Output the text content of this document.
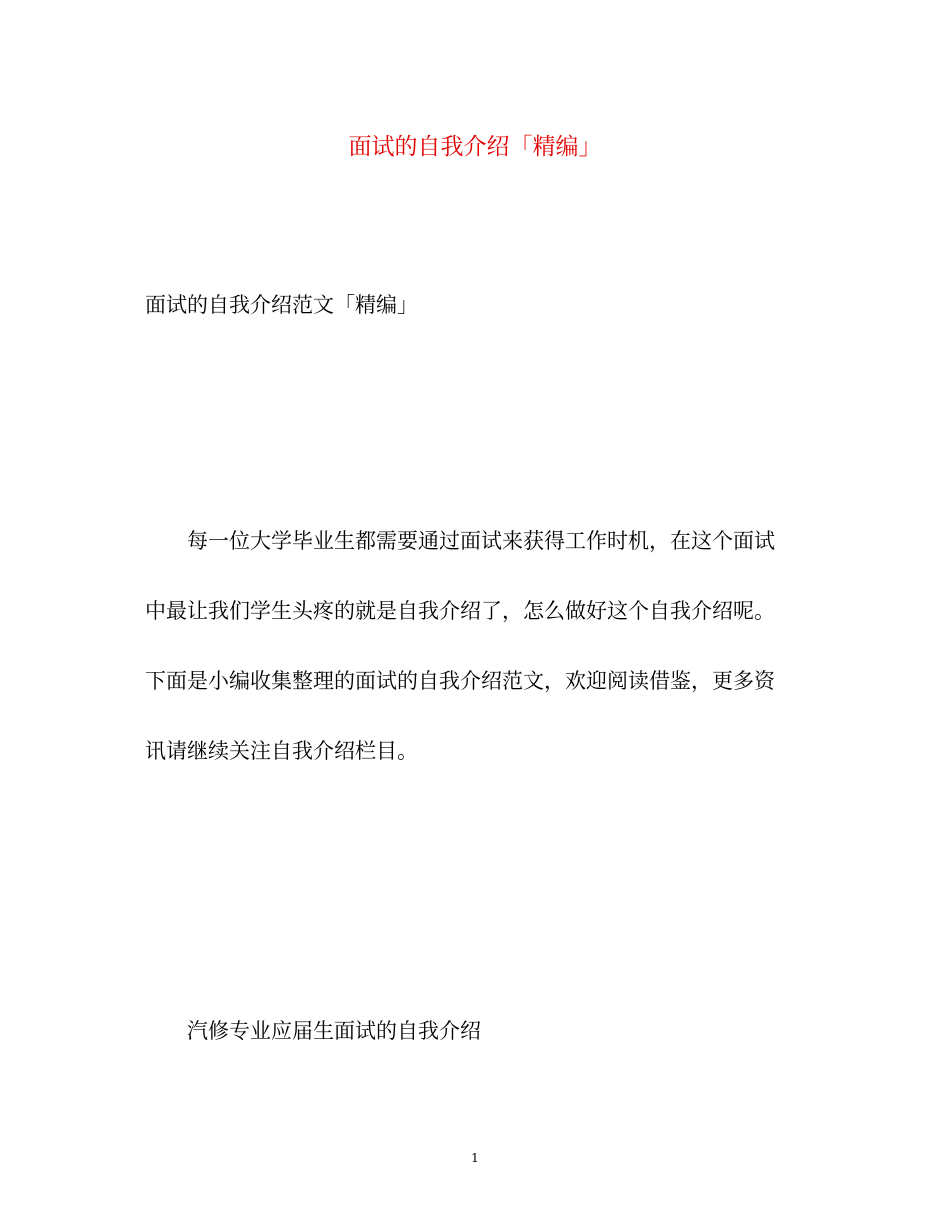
面试的自我介绍「精编」
面试的自我介绍范文「精编」
每一位大学毕业生都需要通过面试来获得工作时机，在这个面试
中最让我们学生头疼的就是自我介绍了，怎么做好这个自我介绍呢。
下面是小编收集整理的面试的自我介绍范文，欢迎阅读借鉴，更多资
讯请继续关注自我介绍栏目。
汽修专业应届生面试的自我介绍
1
